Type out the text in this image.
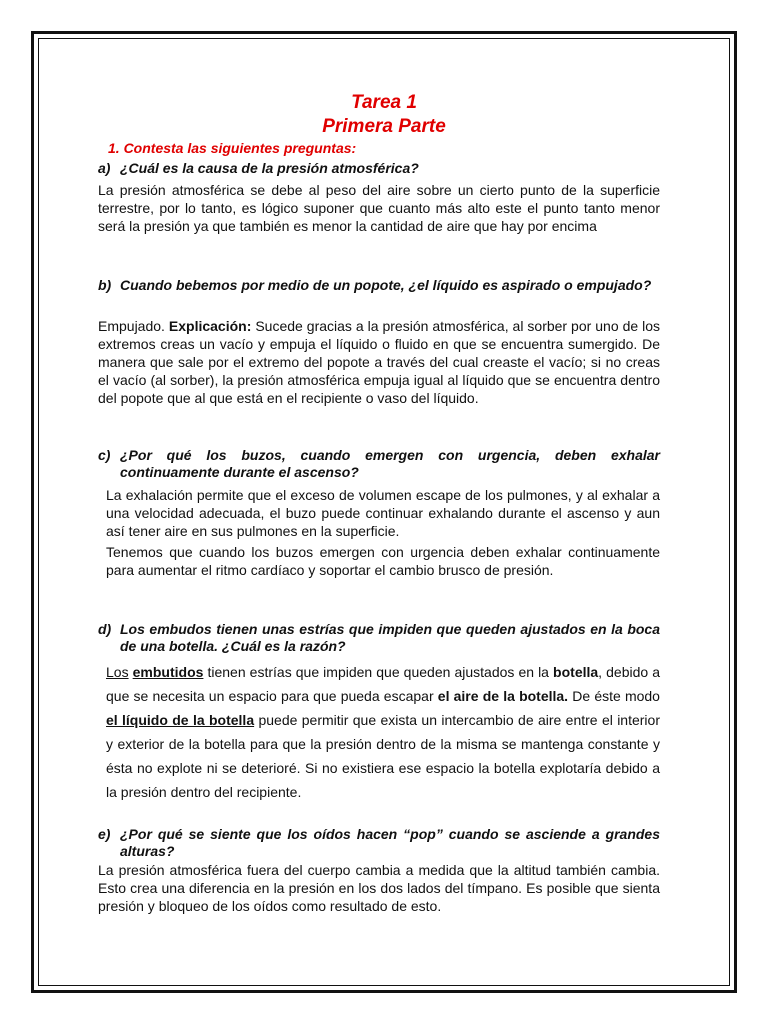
Tarea 1
Primera Parte
1. Contesta las siguientes preguntas:
a) ¿Cuál es la causa de la presión atmosférica?
La presión atmosférica se debe al peso del aire sobre un cierto punto de la superficie terrestre, por lo tanto, es lógico suponer que cuanto más alto este el punto tanto menor será la presión ya que también es menor la cantidad de aire que hay por encima
b) Cuando bebemos por medio de un popote, ¿el líquido es aspirado o empujado?
Empujado. Explicación: Sucede gracias a la presión atmosférica, al sorber por uno de los extremos creas un vacío y empuja el líquido o fluido en que se encuentra sumergido. De manera que sale por el extremo del popote a través del cual creaste el vacío; si no creas el vacío (al sorber), la presión atmosférica empuja igual al líquido que se encuentra dentro del popote que al que está en el recipiente o vaso del líquido.
c) ¿Por qué los buzos, cuando emergen con urgencia, deben exhalar continuamente durante el ascenso?
La exhalación permite que el exceso de volumen escape de los pulmones, y al exhalar a una velocidad adecuada, el buzo puede continuar exhalando durante el ascenso y aun así tener aire en sus pulmones en la superficie.
Tenemos que cuando los buzos emergen con urgencia deben exhalar continuamente para aumentar el ritmo cardíaco y soportar el cambio brusco de presión.
d) Los embudos tienen unas estrías que impiden que queden ajustados en la boca de una botella. ¿Cuál es la razón?
Los embutidos tienen estrías que impiden que queden ajustados en la botella, debido a que se necesita un espacio para que pueda escapar el aire de la botella. De éste modo el líquido de la botella puede permitir que exista un intercambio de aire entre el interior y exterior de la botella para que la presión dentro de la misma se mantenga constante y ésta no explote ni se deterioré. Si no existiera ese espacio la botella explotaría debido a la presión dentro del recipiente.
e) ¿Por qué se siente que los oídos hacen “pop” cuando se asciende a grandes alturas?
La presión atmosférica fuera del cuerpo cambia a medida que la altitud también cambia. Esto crea una diferencia en la presión en los dos lados del tímpano. Es posible que sienta presión y bloqueo de los oídos como resultado de esto.
